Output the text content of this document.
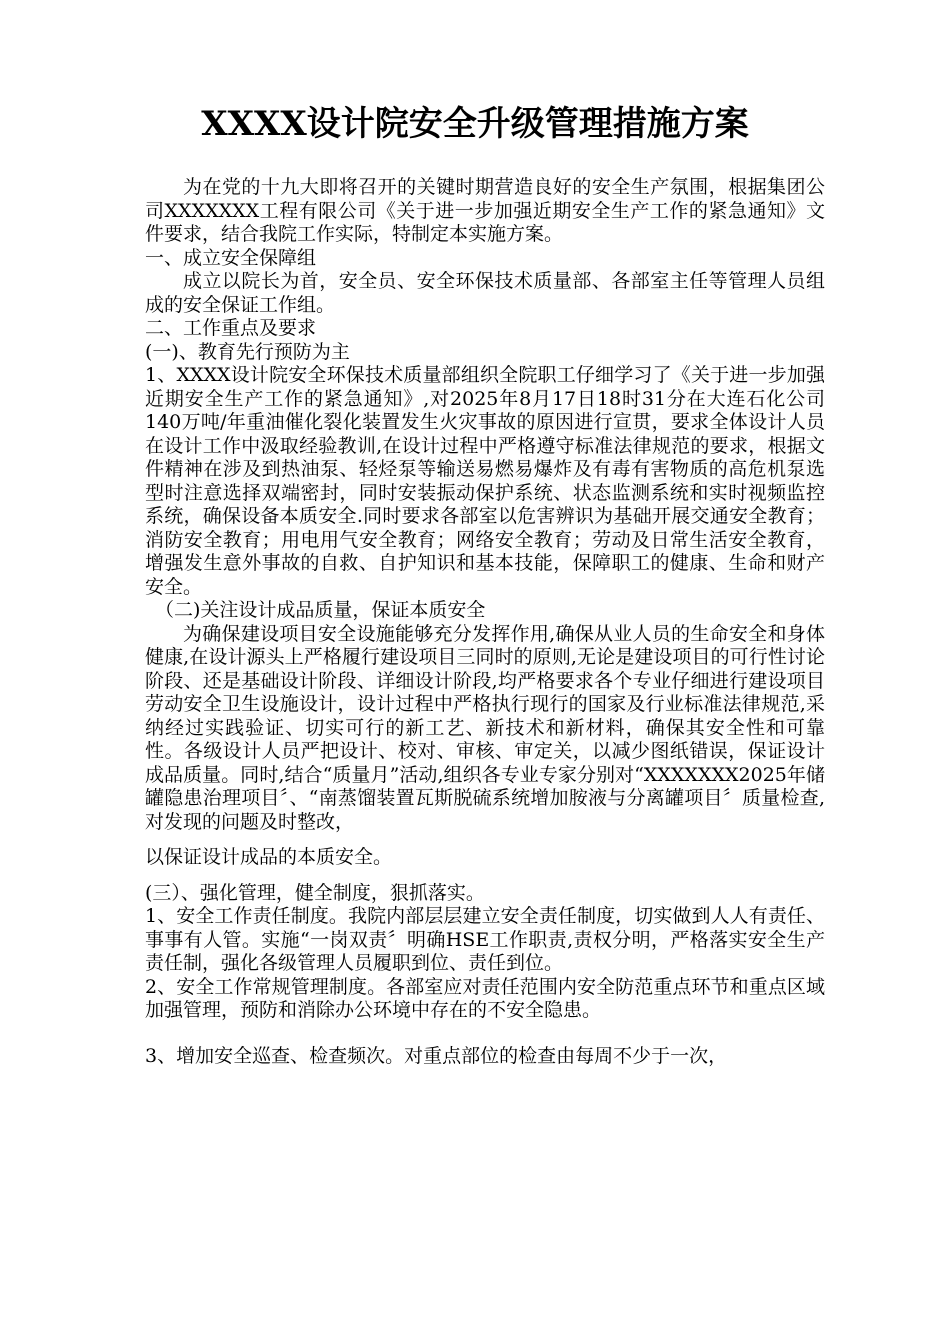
XXXX设计院安全升级管理措施方案

为在党的十九大即将召开的关键时期营造良好的安全生产氛围，根据集团公司XXXXXXX工程有限公司《关于进一步加强近期安全生产工作的紧急通知》文件要求，结合我院工作实际，特制定本实施方案。

一、成立安全保障组

成立以院长为首，安全员、安全环保技术质量部、各部室主任等管理人员组成的安全保证工作组。

二、工作重点及要求

(一)、教育先行预防为主

1、XXXX设计院安全环保技术质量部组织全院职工仔细学习了《关于进一步加强近期安全生产工作的紧急通知》,对2025年8月17日18时31分在大连石化公司140万吨/年重油催化裂化装置发生火灾事故的原因进行宣贯，要求全体设计人员在设计工作中汲取经验教训,在设计过程中严格遵守标准法律规范的要求，根据文件精神在涉及到热油泵、轻烃泵等输送易燃易爆炸及有毒有害物质的高危机泵选型时注意选择双端密封，同时安装振动保护系统、状态监测系统和实时视频监控系统，确保设备本质安全.同时要求各部室以危害辨识为基础开展交通安全教育；消防安全教育；用电用气安全教育；网络安全教育；劳动及日常生活安全教育，增强发生意外事故的自救、自护知识和基本技能，保障职工的健康、生命和财产安全。

（二)关注设计成品质量，保证本质安全

为确保建设项目安全设施能够充分发挥作用,确保从业人员的生命安全和身体健康,在设计源头上严格履行建设项目三同时的原则,无论是建设项目的可行性讨论阶段、还是基础设计阶段、详细设计阶段,均严格要求各个专业仔细进行建设项目劳动安全卫生设施设计，设计过程中严格执行现行的国家及行业标准法律规范,采纳经过实践验证、切实可行的新工艺、新技术和新材料，确保其安全性和可靠性。各级设计人员严把设计、校对、审核、审定关，以减少图纸错误，保证设计成品质量。同时,结合“质量月”活动,组织各专业专家分别对“XXXXXXX2025年储罐隐患治理项目〞、“南蒸馏装置瓦斯脱硫系统增加胺液与分离罐项目〞质量检查,对发现的问题及时整改，

以保证设计成品的本质安全。

(三）、强化管理，健全制度，狠抓落实。

1、安全工作责任制度。我院内部层层建立安全责任制度，切实做到人人有责任、事事有人管。实施“一岗双责〞明确HSE工作职责,责权分明，严格落实安全生产责任制，强化各级管理人员履职到位、责任到位。

2、安全工作常规管理制度。各部室应对责任范围内安全防范重点环节和重点区域加强管理，预防和消除办公环境中存在的不安全隐患。

3、增加安全巡查、检查频次。对重点部位的检查由每周不少于一次，
